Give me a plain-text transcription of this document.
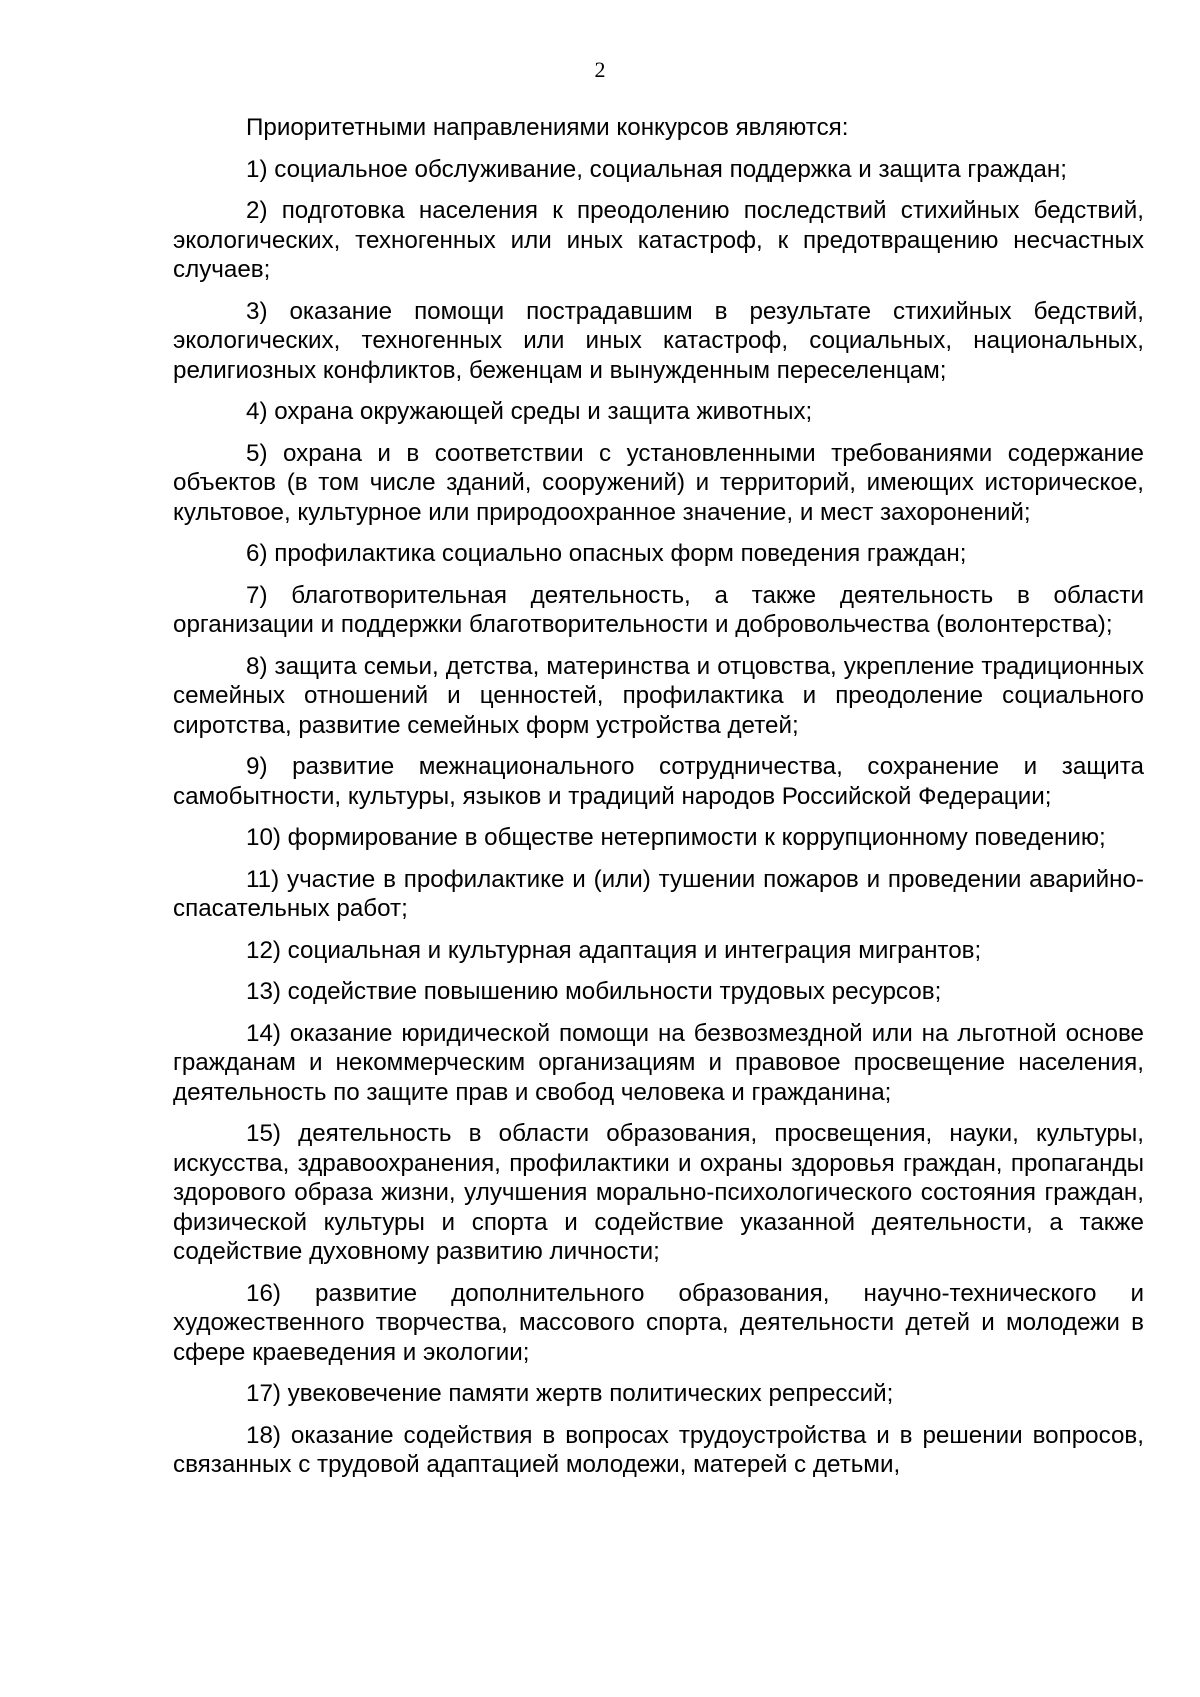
2

Приоритетными направлениями конкурсов являются:

1) социальное обслуживание, социальная поддержка и защита граждан;

2) подготовка населения к преодолению последствий стихийных бедствий, экологических, техногенных или иных катастроф, к предотвращению несчастных случаев;

3) оказание помощи пострадавшим в результате стихийных бедствий, экологических, техногенных или иных катастроф, социальных, национальных, религиозных конфликтов, беженцам и вынужденным переселенцам;

4) охрана окружающей среды и защита животных;

5) охрана и в соответствии с установленными требованиями содержание объектов (в том числе зданий, сооружений) и территорий, имеющих историческое, культовое, культурное или природоохранное значение, и мест захоронений;

6) профилактика социально опасных форм поведения граждан;

7) благотворительная деятельность, а также деятельность в области организации и поддержки благотворительности и добровольчества (волонтерства);

8) защита семьи, детства, материнства и отцовства, укрепление традиционных семейных отношений и ценностей, профилактика и преодоление социального сиротства, развитие семейных форм устройства детей;

9) развитие межнационального сотрудничества, сохранение и защита самобытности, культуры, языков и традиций народов Российской Федерации;

10) формирование в обществе нетерпимости к коррупционному поведению;

11) участие в профилактике и (или) тушении пожаров и проведении аварийно-спасательных работ;

12) социальная и культурная адаптация и интеграция мигрантов;

13) содействие повышению мобильности трудовых ресурсов;

14) оказание юридической помощи на безвозмездной или на льготной основе гражданам и некоммерческим организациям и правовое просвещение населения, деятельность по защите прав и свобод человека и гражданина;

15) деятельность в области образования, просвещения, науки, культуры, искусства, здравоохранения, профилактики и охраны здоровья граждан, пропаганды здорового образа жизни, улучшения морально-психологического состояния граждан, физической культуры и спорта и содействие указанной деятельности, а также содействие духовному развитию личности;

16) развитие дополнительного образования, научно-технического и художественного творчества, массового спорта, деятельности детей и молодежи в сфере краеведения и экологии;

17) увековечение памяти жертв политических репрессий;

18) оказание содействия в вопросах трудоустройства и в решении вопросов, связанных с трудовой адаптацией молодежи, матерей с детьми,
